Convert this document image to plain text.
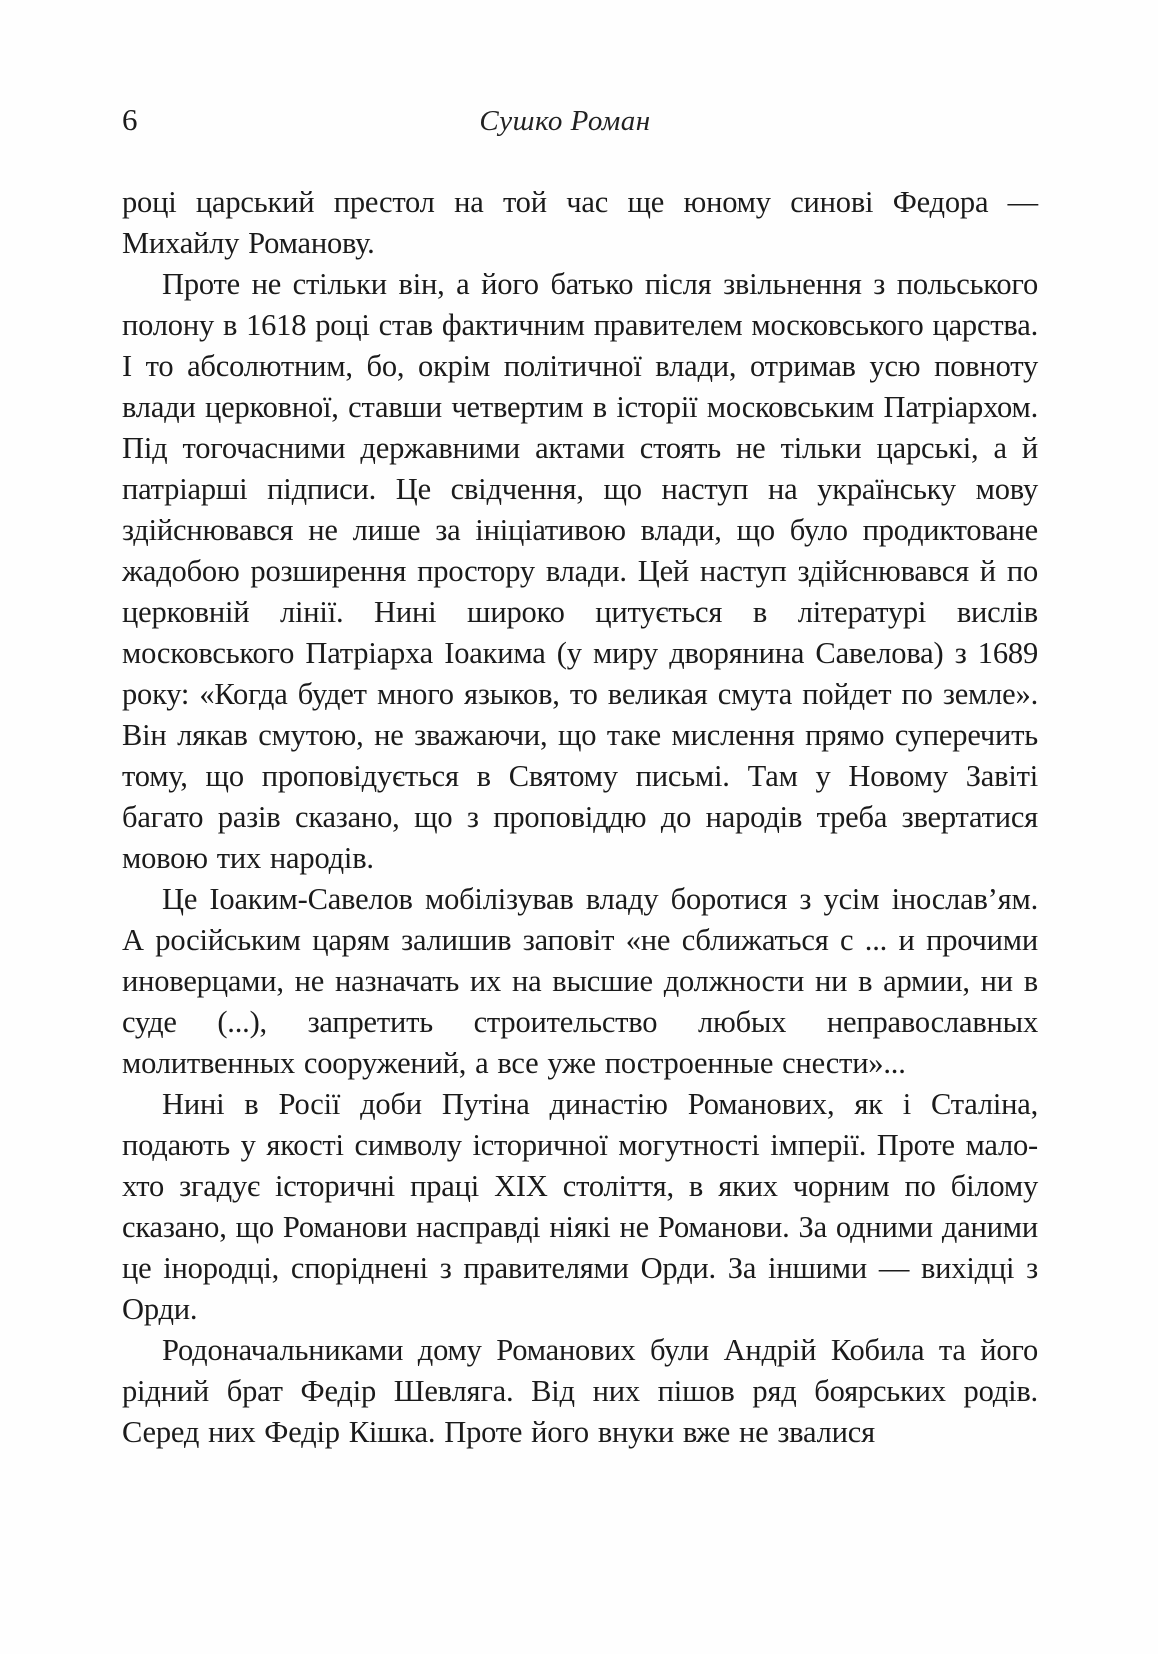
6	Сушко Роман

році царський престол на той час ще юному синові Федора — Михайлу Романову.

Проте не стільки він, а його батько після звільнення з польського полону в 1618 році став фактичним правителем московського царства. І то абсолютним, бо, окрім політичної влади, отримав усю повноту влади церковної, ставши четвертим в історії московським Патріархом. Під тогочасними державними актами стоять не тільки царські, а й патріарші підписи. Це свідчення, що наступ на українську мову здійснювався не лише за ініціативою влади, що було продиктоване жадобою розширення простору влади. Цей наступ здійснювався й по церковній лінії. Нині широко цитується в літературі вислів московського Патріарха Іоакима (у миру дворянина Савелова) з 1689 року: «Когда будет много языков, то великая смута пойдет по земле». Він лякав смутою, не зважаючи, що таке мислення прямо суперечить тому, що проповідується в Святому письмі. Там у Новому Завіті багато разів сказано, що з проповіддю до народів треба звертатися мовою тих народів.

Це Іоаким-Савелов мобілізував владу боротися з усім інослав’ям. А російським царям залишив заповіт «не сближаться с ... и прочими иноверцами, не назначать их на высшие должности ни в армии, ни в суде (...), запретить строительство любых неправославных молитвенных сооружений, а все уже построенные снести»...

Нині в Росії доби Путіна династію Романових, як і Сталіна, подають у якості символу історичної могутності імперії. Проте мало-хто згадує історичні праці XIX століття, в яких чорним по білому сказано, що Романови насправді ніякі не Романови. За одними даними це інородці, споріднені з правителями Орди. За іншими — вихідці з Орди.

Родоначальниками дому Романових були Андрій Кобила та його рідний брат Федір Шевляга. Від них пішов ряд боярських родів. Серед них Федір Кішка. Проте його внуки вже не звалися
